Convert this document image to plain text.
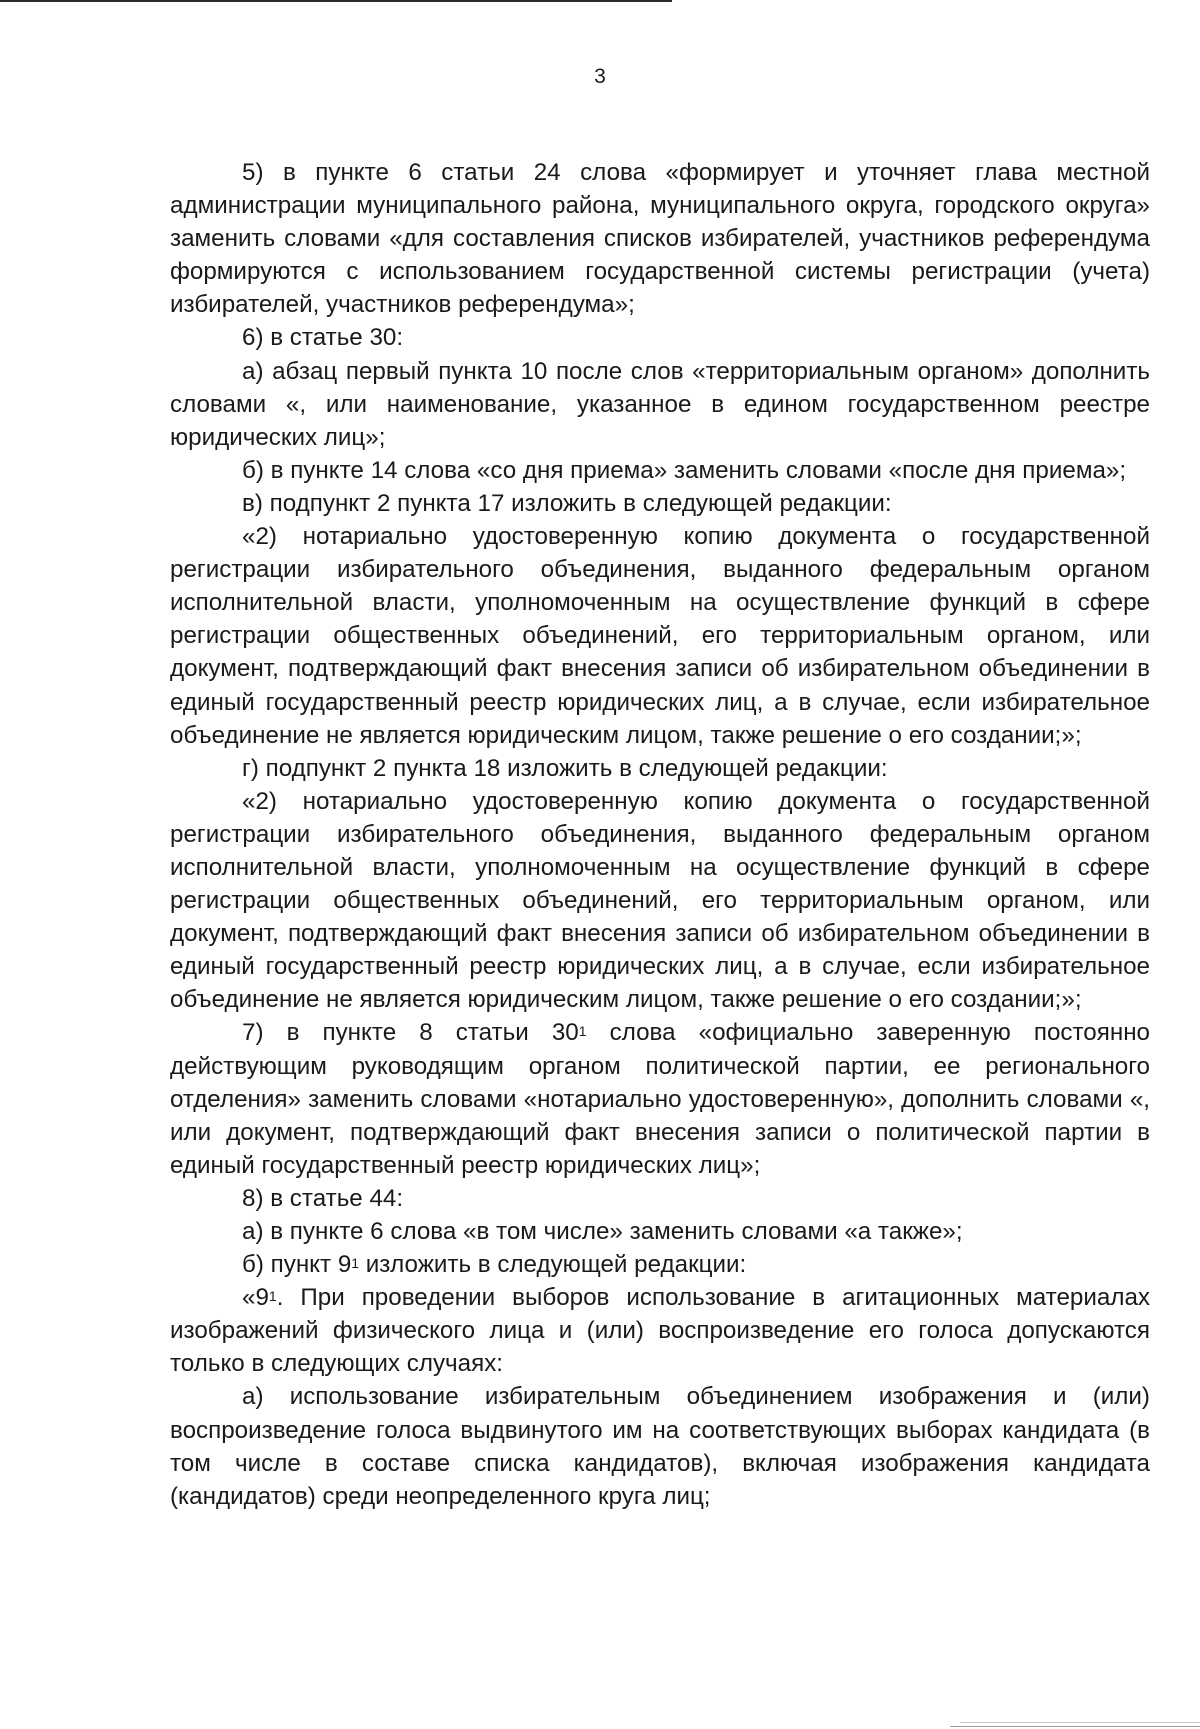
3

5) в пункте 6 статьи 24 слова «формирует и уточняет глава местной администрации муниципального района, муниципального округа, городского округа» заменить словами «для составления списков избирателей, участников референдума формируются с использованием государственной системы регистрации (учета) избирателей, участников референдума»;

6) в статье 30:

а) абзац первый пункта 10 после слов «территориальным органом» дополнить словами «, или наименование, указанное в едином государственном реестре юридических лиц»;

б) в пункте 14 слова «со дня приема» заменить словами «после дня приема»;

в) подпункт 2 пункта 17 изложить в следующей редакции:

«2) нотариально удостоверенную копию документа о государственной регистрации избирательного объединения, выданного федеральным органом исполнительной власти, уполномоченным на осуществление функций в сфере регистрации общественных объединений, его территориальным органом, или документ, подтверждающий факт внесения записи об избирательном объединении в единый государственный реестр юридических лиц, а в случае, если избирательное объединение не является юридическим лицом, также решение о его создании;»;

г) подпункт 2 пункта 18 изложить в следующей редакции:

«2) нотариально удостоверенную копию документа о государственной регистрации избирательного объединения, выданного федеральным органом исполнительной власти, уполномоченным на осуществление функций в сфере регистрации общественных объединений, его территориальным органом, или документ, подтверждающий факт внесения записи об избирательном объединении в единый государственный реестр юридических лиц, а в случае, если избирательное объединение не является юридическим лицом, также решение о его создании;»;

7) в пункте 8 статьи $30^1$ слова «официально заверенную постоянно действующим руководящим органом политической партии, ее регионального отделения» заменить словами «нотариально удостоверенную», дополнить словами «, или документ, подтверждающий факт внесения записи о политической партии в единый государственный реестр юридических лиц»;

8) в статье 44:

а) в пункте 6 слова «в том числе» заменить словами «а также»;

б) пункт $9^1$ изложить в следующей редакции:

«$9^1$. При проведении выборов использование в агитационных материалах изображений физического лица и (или) воспроизведение его голоса допускаются только в следующих случаях:

а) использование избирательным объединением изображения и (или) воспроизведение голоса выдвинутого им на соответствующих выборах кандидата (в том числе в составе списка кандидатов), включая изображения кандидата (кандидатов) среди неопределенного круга лиц;
